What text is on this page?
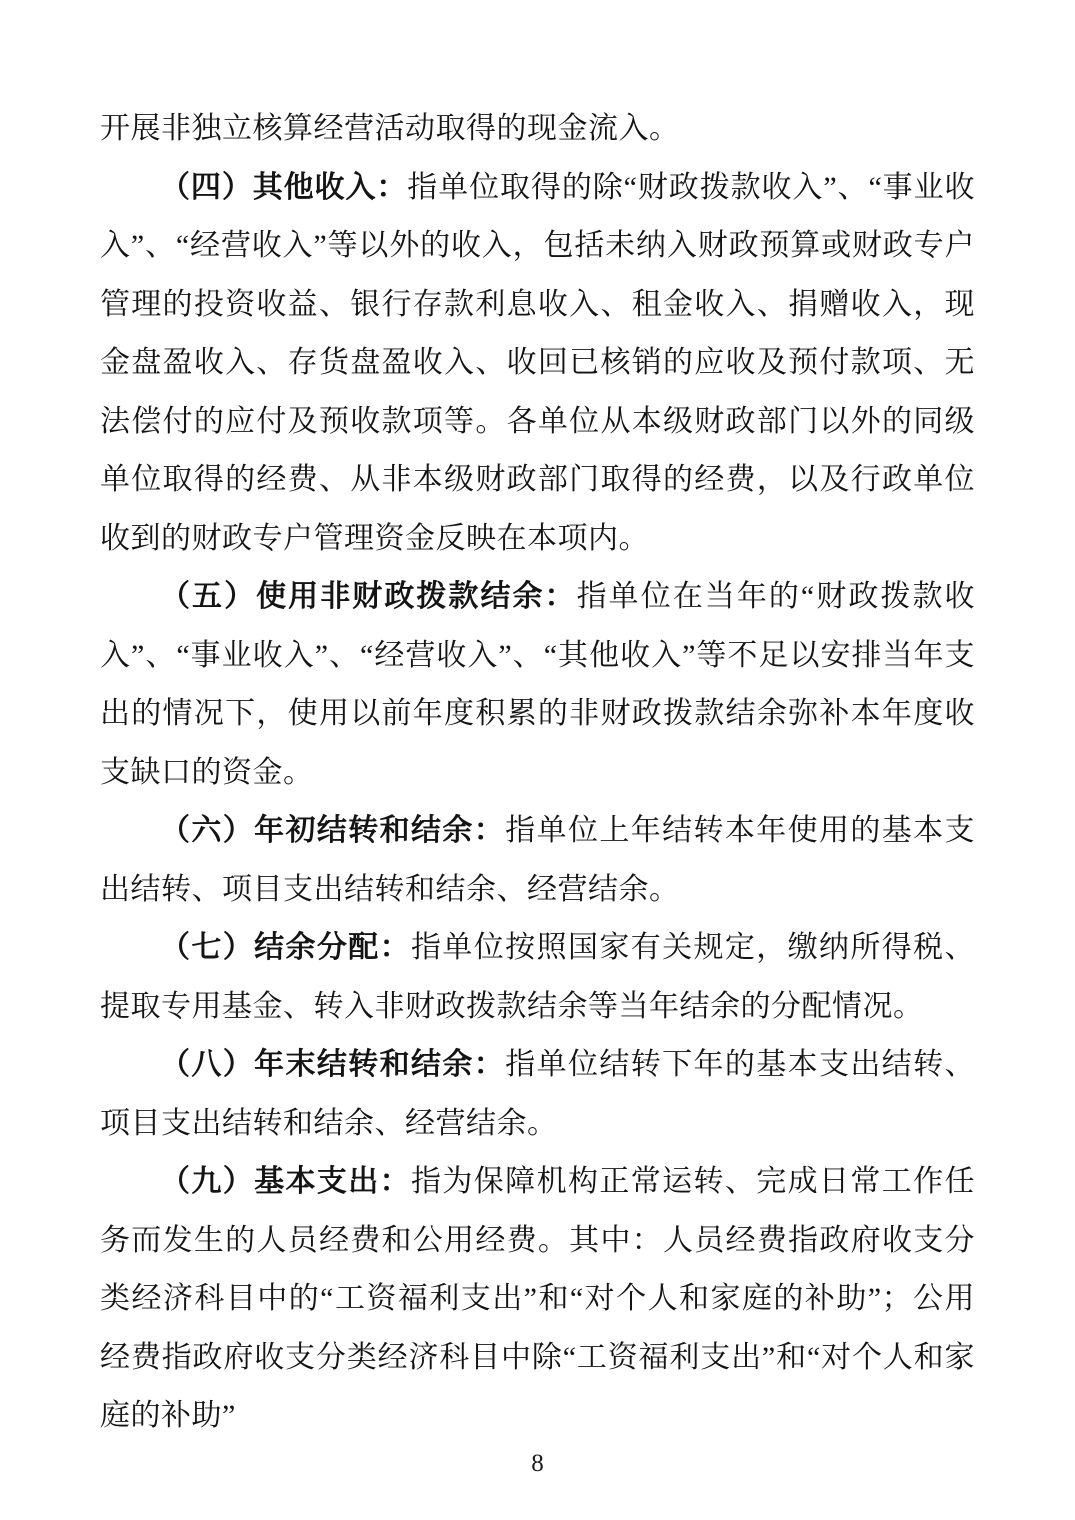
开展非独立核算经营活动取得的现金流入。

（四）其他收入：指单位取得的除“财政拨款收入”、“事业收入”、“经营收入”等以外的收入，包括未纳入财政预算或财政专户管理的投资收益、银行存款利息收入、租金收入、捐赠收入，现金盘盈收入、存货盘盈收入、收回已核销的应收及预付款项、无法偿付的应付及预收款项等。各单位从本级财政部门以外的同级单位取得的经费、从非本级财政部门取得的经费，以及行政单位收到的财政专户管理资金反映在本项内。

（五）使用非财政拨款结余：指单位在当年的“财政拨款收入”、“事业收入”、“经营收入”、“其他收入”等不足以安排当年支出的情况下，使用以前年度积累的非财政拨款结余弥补本年度收支缺口的资金。

（六）年初结转和结余：指单位上年结转本年使用的基本支出结转、项目支出结转和结余、经营结余。

（七）结余分配：指单位按照国家有关规定，缴纳所得税、提取专用基金、转入非财政拨款结余等当年结余的分配情况。

（八）年末结转和结余：指单位结转下年的基本支出结转、项目支出结转和结余、经营结余。

（九）基本支出：指为保障机构正常运转、完成日常工作任务而发生的人员经费和公用经费。其中：人员经费指政府收支分类经济科目中的“工资福利支出”和“对个人和家庭的补助”；公用经费指政府收支分类经济科目中除“工资福利支出”和“对个人和家庭的补助”

8
